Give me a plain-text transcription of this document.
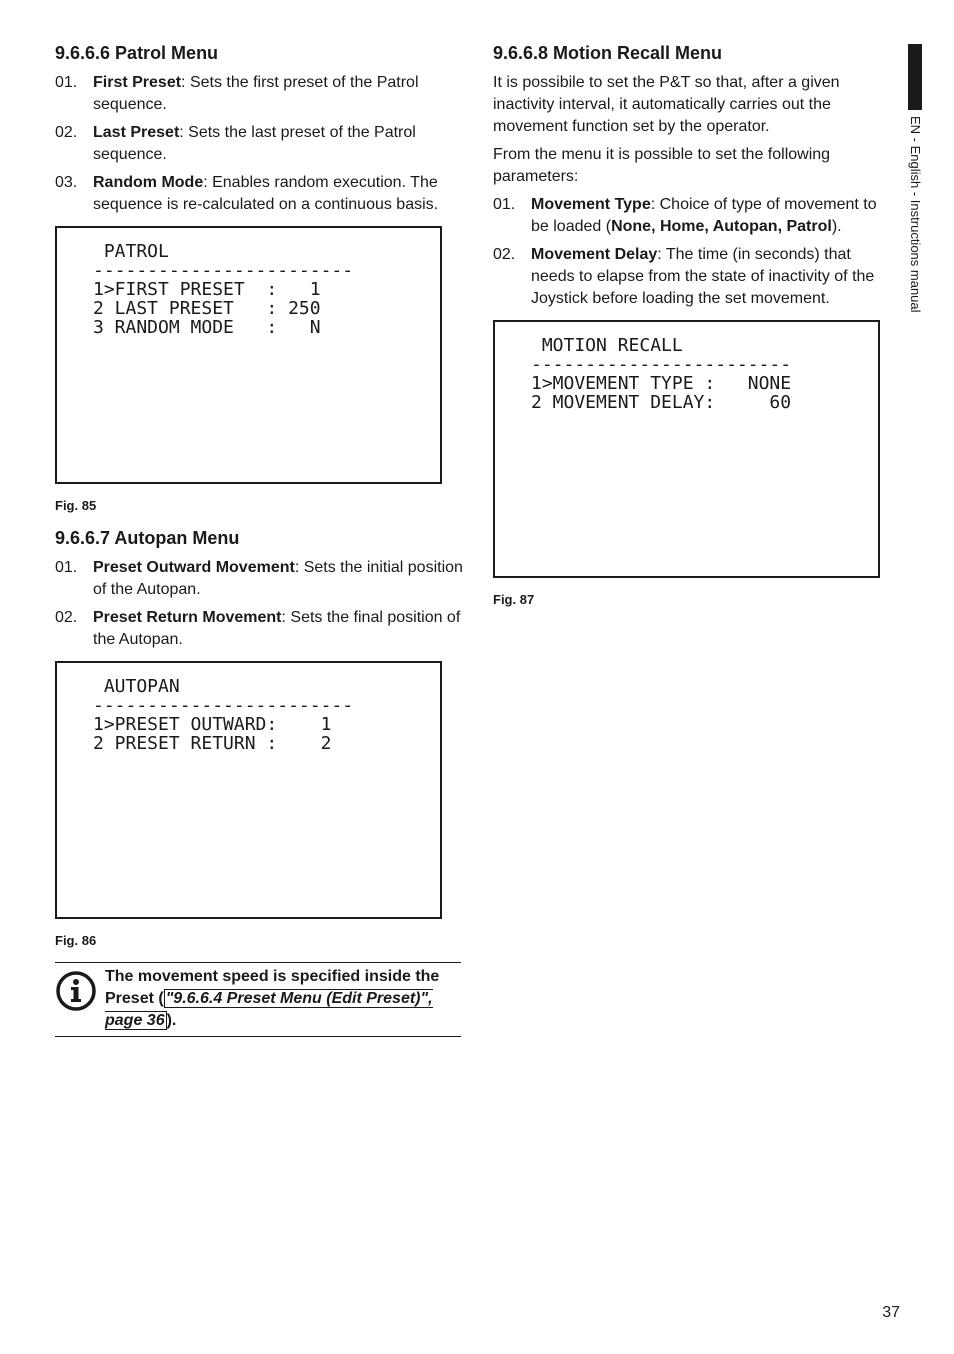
9.6.6.6 Patrol Menu
01. First Preset: Sets the first preset of the Patrol sequence.
02. Last Preset: Sets the last preset of the Patrol sequence.
03. Random Mode: Enables random execution. The sequence is re-calculated on a continuous basis.
PATROL
------------------------
1>FIRST PRESET  :   1
2 LAST PRESET   : 250
3 RANDOM MODE   :   N
Fig. 85
9.6.6.7 Autopan Menu
01. Preset Outward Movement: Sets the initial position of the Autopan.
02. Preset Return Movement: Sets the final position of the Autopan.
AUTOPAN
------------------------
1>PRESET OUTWARD:    1
2 PRESET RETURN :    2
Fig. 86
The movement speed is specified inside the Preset ( "9.6.6.4 Preset Menu (Edit Preset)", page 36 ).
9.6.6.8 Motion Recall Menu

It is possibile to set the P&T so that, after a given inactivity interval, it automatically carries out the movement function set by the operator.

From the menu it is possible to set the following parameters:

01. Movement Type: Choice of type of movement to be loaded (None, Home, Autopan, Patrol).
02. Movement Delay: The time (in seconds) that needs to elapse from the state of inactivity of the Joystick before loading the set movement.
MOTION RECALL
------------------------
1>MOVEMENT TYPE :   NONE
2 MOVEMENT DELAY:     60
Fig. 87
EN - English - Instructions manual
37
